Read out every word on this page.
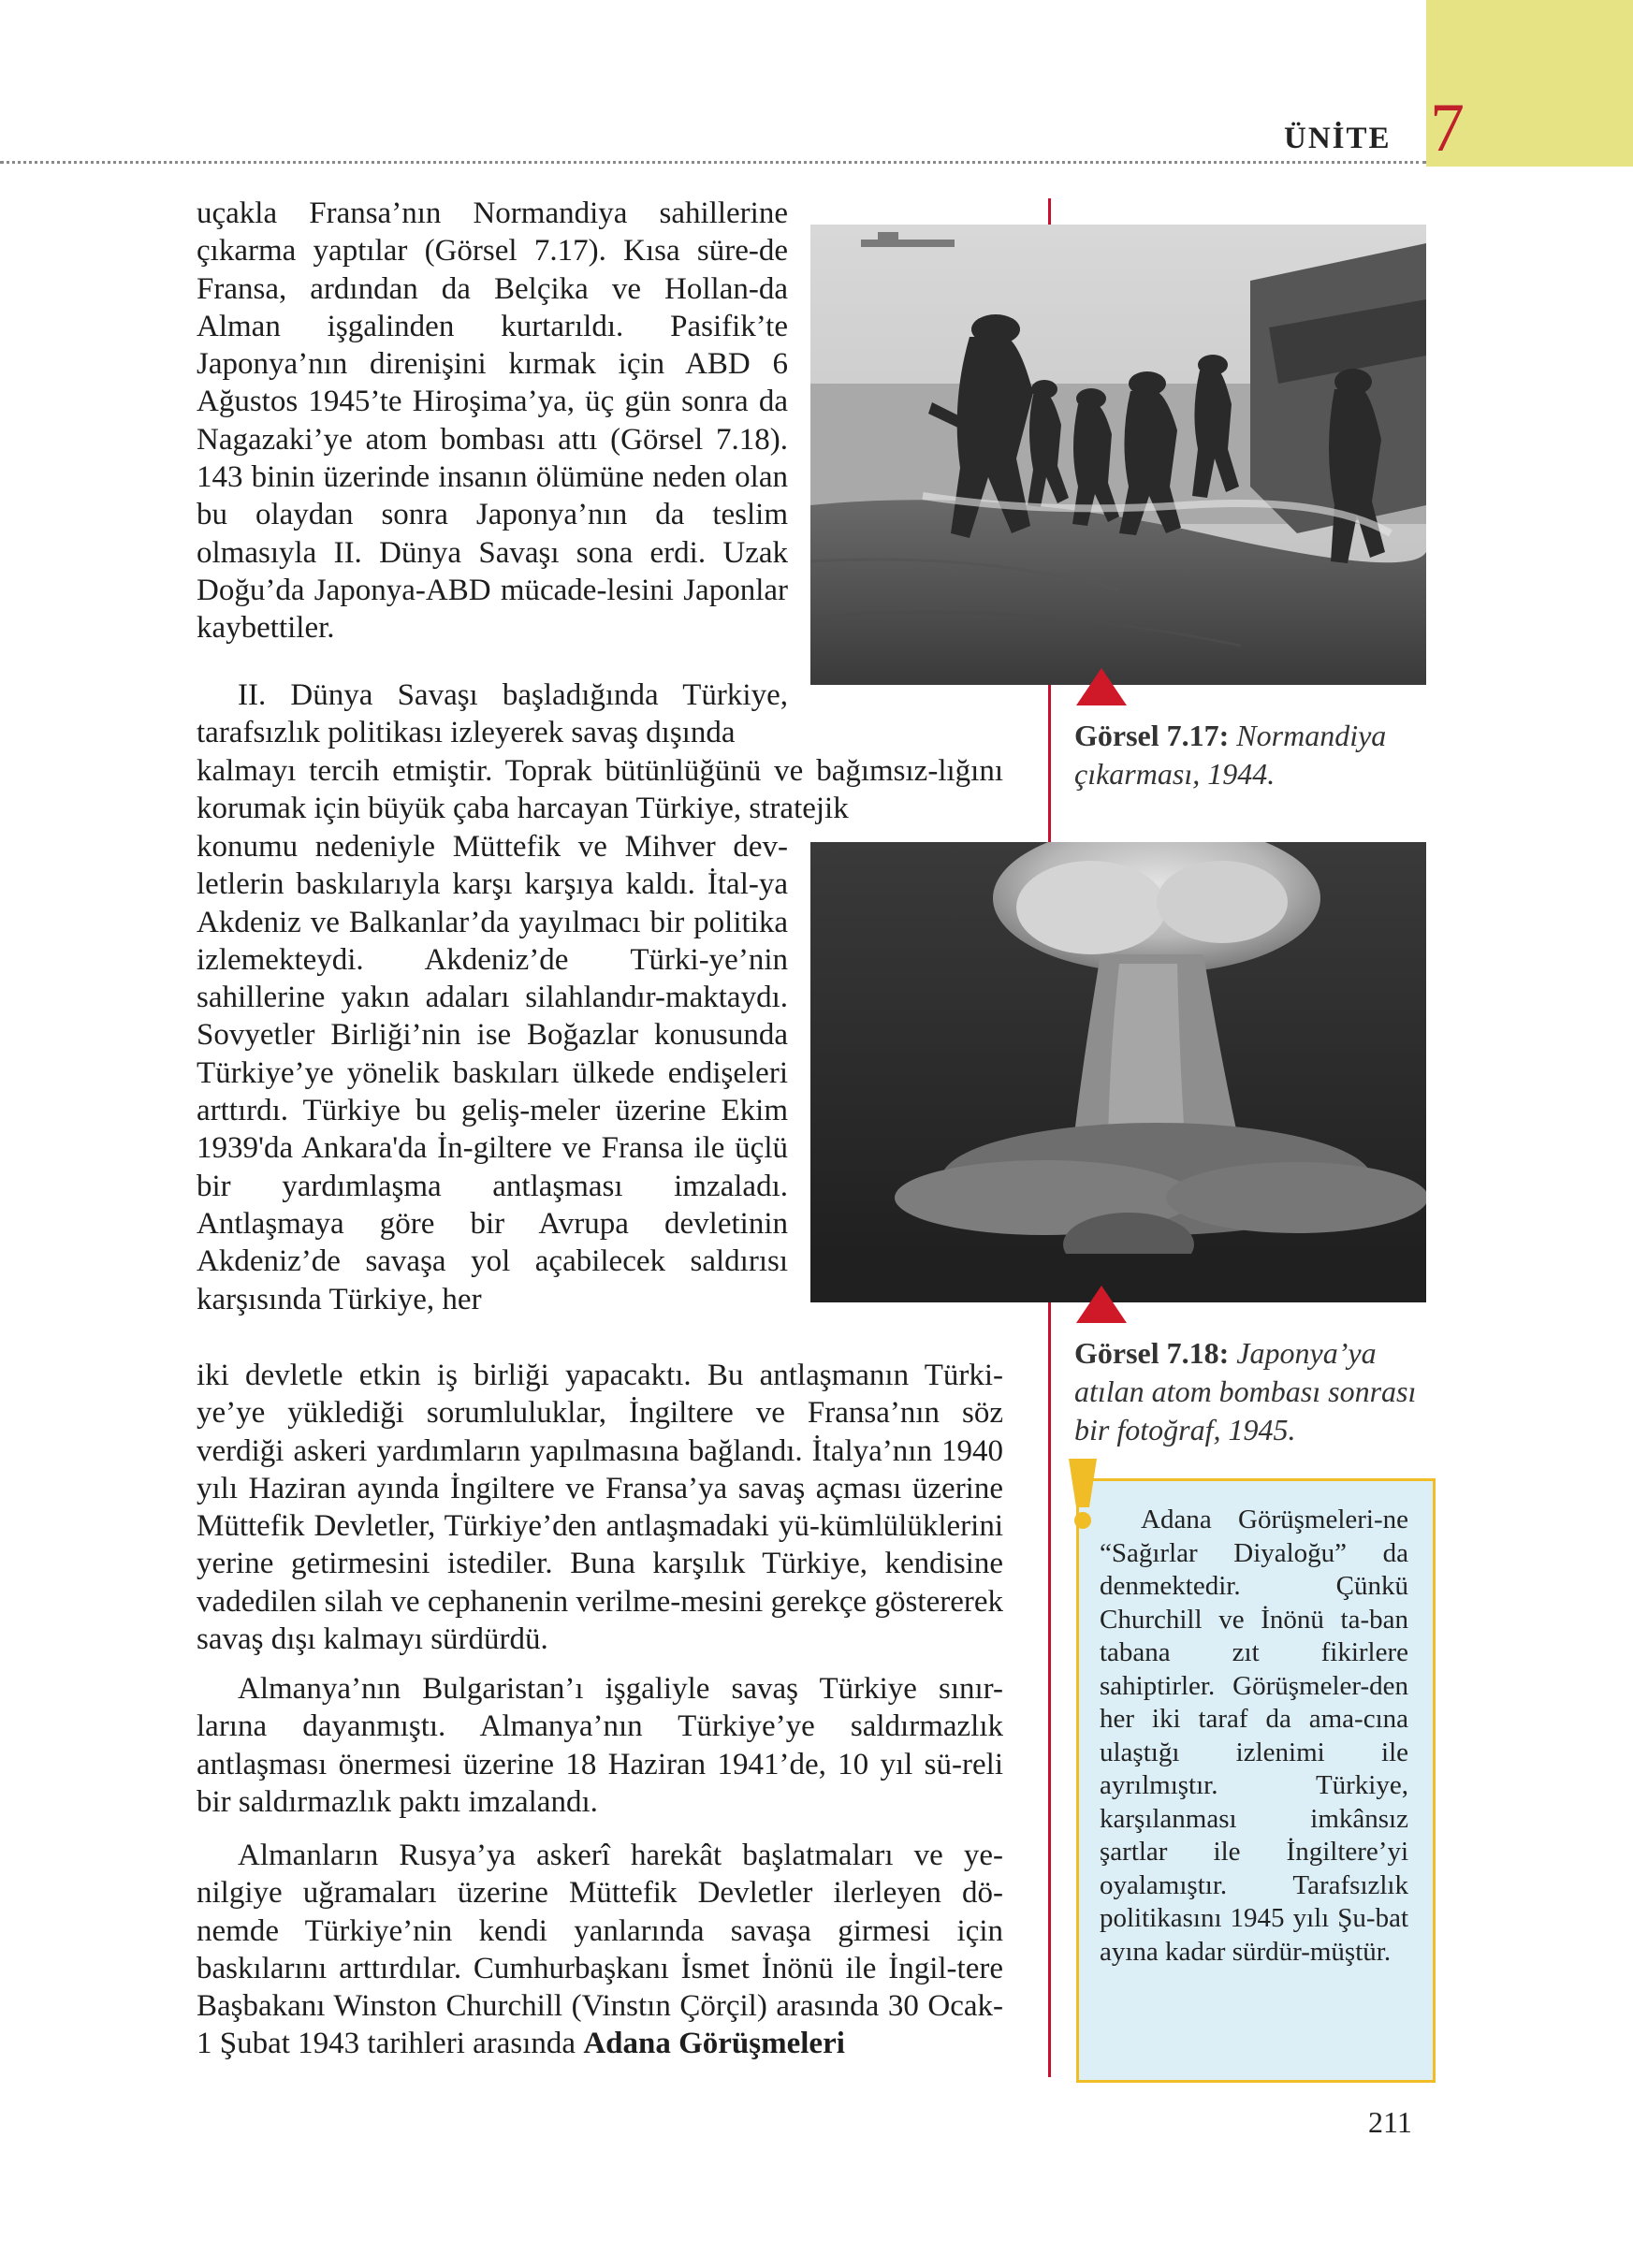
ÜNİTE 7

Görsel 7.17: Normandiya çıkarması, 1944.

Görsel 7.18: Japonya’ya atılan atom bombası sonrası bir fotoğraf, 1945.

uçakla Fransa’nın Normandiya sahillerine çıkarma yaptılar (Görsel 7.17). Kısa süre-de Fransa, ardından da Belçika ve Hollan-da Alman işgalinden kurtarıldı. Pasifik’te Japonya’nın direnişini kırmak için ABD 6 Ağustos 1945’te Hiroşima’ya, üç gün sonra da Nagazaki’ye atom bombası attı (Görsel 7.18). 143 binin üzerinde insanın ölümüne neden olan bu olaydan sonra Japonya’nın da teslim olmasıyla II. Dünya Savaşı sona erdi. Uzak Doğu’da Japonya-ABD mücade-lesini Japonlar kaybettiler.

II. Dünya Savaşı başladığında Türkiye, tarafsızlık politikası izleyerek savaş dışında

kalmayı tercih etmiştir. Toprak bütünlüğünü ve bağımsız-lığını korumak için büyük çaba harcayan Türkiye, stratejik

konumu nedeniyle Müttefik ve Mihver dev-letlerin baskılarıyla karşı karşıya kaldı. İtal-ya Akdeniz ve Balkanlar’da yayılmacı bir politika izlemekteydi. Akdeniz’de Türki-ye’nin sahillerine yakın adaları silahlandır-maktaydı. Sovyetler Birliği’nin ise Boğazlar konusunda Türkiye’ye yönelik baskıları ülkede endişeleri arttırdı. Türkiye bu geliş-meler üzerine Ekim 1939'da Ankara'da İn-giltere ve Fransa ile üçlü bir yardımlaşma antlaşması imzaladı. Antlaşmaya göre bir Avrupa devletinin Akdeniz’de savaşa yol açabilecek saldırısı karşısında Türkiye, her

iki devletle etkin iş birliği yapacaktı. Bu antlaşmanın Türki-ye’ye yüklediği sorumluluklar, İngiltere ve Fransa’nın söz verdiği askeri yardımların yapılmasına bağlandı. İtalya’nın 1940 yılı Haziran ayında İngiltere ve Fransa’ya savaş açması üzerine Müttefik Devletler, Türkiye’den antlaşmadaki yü-kümlülüklerini yerine getirmesini istediler. Buna karşılık Türkiye, kendisine vadedilen silah ve cephanenin verilme-mesini gerekçe göstererek savaş dışı kalmayı sürdürdü.

Almanya’nın Bulgaristan’ı işgaliyle savaş Türkiye sınır-larına dayanmıştı. Almanya’nın Türkiye’ye saldırmazlık antlaşması önermesi üzerine 18 Haziran 1941’de, 10 yıl sü-reli bir saldırmazlık paktı imzalandı.

Almanların Rusya’ya askerî harekât başlatmaları ve ye-nilgiye uğramaları üzerine Müttefik Devletler ilerleyen dö-nemde Türkiye’nin kendi yanlarında savaşa girmesi için baskılarını arttırdılar. Cumhurbaşkanı İsmet İnönü ile İngil-tere Başbakanı Winston Churchill (Vinstın Çörçil) arasında 30 Ocak-1 Şubat 1943 tarihleri arasında Adana Görüşmeleri

Adana Görüşmeleri-ne “Sağırlar Diyaloğu” da denmektedir. Çünkü Churchill ve İnönü ta-ban tabana zıt fikirlere sahiptirler. Görüşmeler-den her iki taraf da ama-cına ulaştığı izlenimi ile ayrılmıştır. Türkiye, karşılanması imkânsız şartlar ile İngiltere’yi oyalamıştır. Tarafsızlık politikasını 1945 yılı Şu-bat ayına kadar sürdür-müştür.

211
